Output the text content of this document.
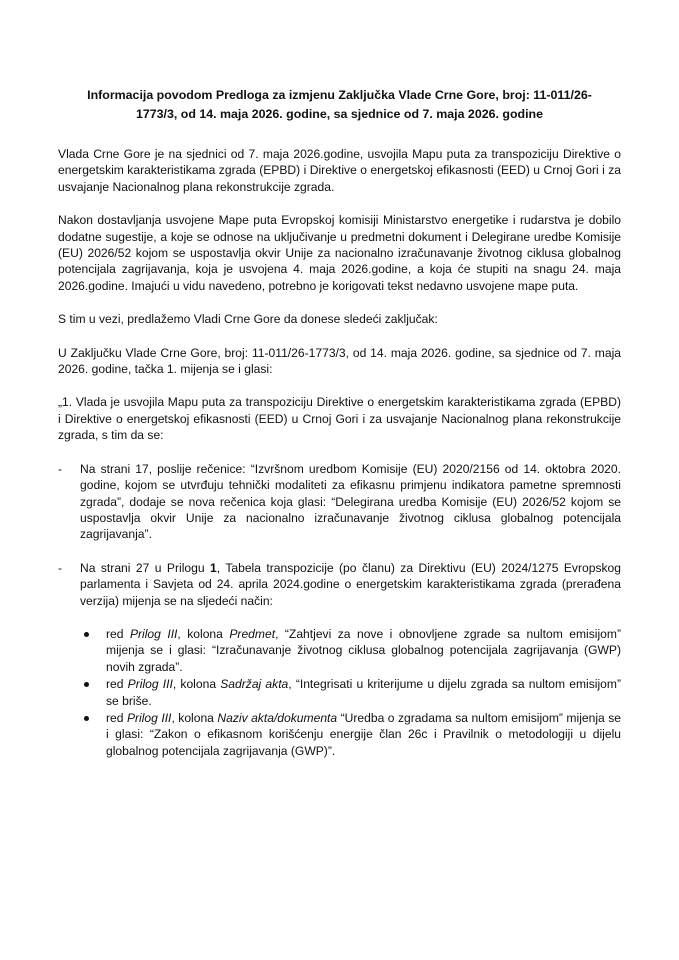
Informacija povodom Predloga za izmjenu Zaključka Vlade Crne Gore, broj: 11-011/26-
1773/3, od 14. maja 2026. godine, sa sjednice od 7. maja 2026. godine

Vlada Crne Gore je na sjednici od 7. maja 2026.godine, usvojila Mapu puta za transpoziciju Direktive o energetskim karakteristikama zgrada (EPBD) i Direktive o energetskoj efikasnosti (EED) u Crnoj Gori i za usvajanje Nacionalnog plana rekonstrukcije zgrada.

Nakon dostavljanja usvojene Mape puta Evropskoj komisiji Ministarstvo energetike i rudarstva je dobilo dodatne sugestije, a koje se odnose na uključivanje u predmetni dokument i Delegirane uredbe Komisije (EU) 2026/52 kojom se uspostavlja okvir Unije za nacionalno izračunavanje životnog ciklusa globalnog potencijala zagrijavanja, koja je usvojena 4. maja 2026.godine, a koja će stupiti na snagu 24. maja 2026.godine. Imajući u vidu navedeno, potrebno je korigovati tekst nedavno usvojene mape puta.

S tim u vezi, predlažemo Vladi Crne Gore da donese sledeći zaključak:

U Zaključku Vlade Crne Gore, broj: 11-011/26-1773/3, od 14. maja 2026. godine, sa sjednice od 7. maja 2026. godine, tačka 1. mijenja se i glasi:

„1. Vlada je usvojila Mapu puta za transpoziciju Direktive o energetskim karakteristikama zgrada (EPBD) i Direktive o energetskoj efikasnosti (EED) u Crnoj Gori i za usvajanje Nacionalnog plana rekonstrukcije zgrada, s tim da se:

- Na strani 17, poslije rečenice: “Izvršnom uredbom Komisije (EU) 2020/2156 od 14. oktobra 2020. godine, kojom se utvrđuju tehnički modaliteti za efikasnu primjenu indikatora pametne spremnosti zgrada”, dodaje se nova rečenica koja glasi: “Delegirana uredba Komisije (EU) 2026/52 kojom se uspostavlja okvir Unije za nacionalno izračunavanje životnog ciklusa globalnog potencijala zagrijavanja”.
- Na strani 27 u Prilogu 1, Tabela transpozicije (po članu) za Direktivu (EU) 2024/1275 Evropskog parlamenta i Savjeta od 24. aprila 2024.godine o energetskim karakteristikama zgrada (prerađena verzija) mijenja se na sljedeći način:
red Prilog III, kolona Predmet, “Zahtjevi za nove i obnovljene zgrade sa nultom emisijom” mijenja se i glasi: “Izračunavanje životnog ciklusa globalnog potencijala zagrijavanja (GWP) novih zgrada”.
red Prilog III, kolona Sadržaj akta, “Integrisati u kriterijume u dijelu zgrada sa nultom emisijom” se briše.
red Prilog III, kolona Naziv akta/dokumenta “Uredba o zgradama sa nultom emisijom” mijenja se i glasi: “Zakon o efikasnom korišćenju energije član 26c i Pravilnik o metodologiji u dijelu globalnog potencijala zagrijavanja (GWP)”.
